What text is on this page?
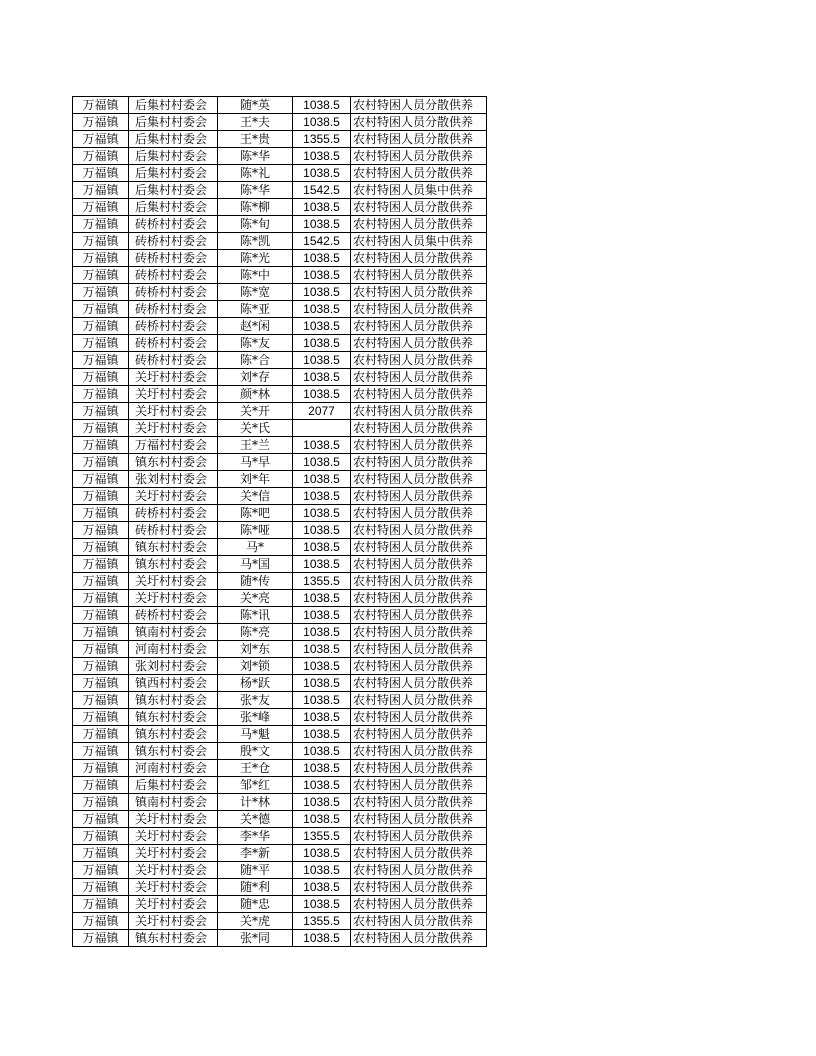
万福镇	后集村村委会	随*英	1038.5	农村特困人员分散供养
万福镇	后集村村委会	王*夫	1038.5	农村特困人员分散供养
万福镇	后集村村委会	王*贵	1355.5	农村特困人员分散供养
万福镇	后集村村委会	陈*华	1038.5	农村特困人员分散供养
万福镇	后集村村委会	陈*礼	1038.5	农村特困人员分散供养
万福镇	后集村村委会	陈*华	1542.5	农村特困人员集中供养
万福镇	后集村村委会	陈*柳	1038.5	农村特困人员分散供养
万福镇	砖桥村村委会	陈*旬	1038.5	农村特困人员分散供养
万福镇	砖桥村村委会	陈*凯	1542.5	农村特困人员集中供养
万福镇	砖桥村村委会	陈*光	1038.5	农村特困人员分散供养
万福镇	砖桥村村委会	陈*中	1038.5	农村特困人员分散供养
万福镇	砖桥村村委会	陈*宽	1038.5	农村特困人员分散供养
万福镇	砖桥村村委会	陈*亚	1038.5	农村特困人员分散供养
万福镇	砖桥村村委会	赵*闲	1038.5	农村特困人员分散供养
万福镇	砖桥村村委会	陈*友	1038.5	农村特困人员分散供养
万福镇	砖桥村村委会	陈*合	1038.5	农村特困人员分散供养
万福镇	关圩村村委会	刘*存	1038.5	农村特困人员分散供养
万福镇	关圩村村委会	颜*林	1038.5	农村特困人员分散供养
万福镇	关圩村村委会	关*开	2077	农村特困人员分散供养
万福镇	关圩村村委会	关*氏		农村特困人员分散供养
万福镇	万福村村委会	王*兰	1038.5	农村特困人员分散供养
万福镇	镇东村村委会	马*早	1038.5	农村特困人员分散供养
万福镇	张刘村村委会	刘*年	1038.5	农村特困人员分散供养
万福镇	关圩村村委会	关*信	1038.5	农村特困人员分散供养
万福镇	砖桥村村委会	陈*吧	1038.5	农村特困人员分散供养
万福镇	砖桥村村委会	陈*哑	1038.5	农村特困人员分散供养
万福镇	镇东村村委会	马*	1038.5	农村特困人员分散供养
万福镇	镇东村村委会	马*国	1038.5	农村特困人员分散供养
万福镇	关圩村村委会	随*传	1355.5	农村特困人员分散供养
万福镇	关圩村村委会	关*亮	1038.5	农村特困人员分散供养
万福镇	砖桥村村委会	陈*讯	1038.5	农村特困人员分散供养
万福镇	镇南村村委会	陈*亮	1038.5	农村特困人员分散供养
万福镇	河南村村委会	刘*东	1038.5	农村特困人员分散供养
万福镇	张刘村村委会	刘*锁	1038.5	农村特困人员分散供养
万福镇	镇西村村委会	杨*跃	1038.5	农村特困人员分散供养
万福镇	镇东村村委会	张*友	1038.5	农村特困人员分散供养
万福镇	镇东村村委会	张*峰	1038.5	农村特困人员分散供养
万福镇	镇东村村委会	马*魁	1038.5	农村特困人员分散供养
万福镇	镇东村村委会	殷*文	1038.5	农村特困人员分散供养
万福镇	河南村村委会	王*仓	1038.5	农村特困人员分散供养
万福镇	后集村村委会	邹*红	1038.5	农村特困人员分散供养
万福镇	镇南村村委会	计*林	1038.5	农村特困人员分散供养
万福镇	关圩村村委会	关*德	1038.5	农村特困人员分散供养
万福镇	关圩村村委会	李*华	1355.5	农村特困人员分散供养
万福镇	关圩村村委会	李*新	1038.5	农村特困人员分散供养
万福镇	关圩村村委会	随*平	1038.5	农村特困人员分散供养
万福镇	关圩村村委会	随*利	1038.5	农村特困人员分散供养
万福镇	关圩村村委会	随*忠	1038.5	农村特困人员分散供养
万福镇	关圩村村委会	关*虎	1355.5	农村特困人员分散供养
万福镇	镇东村村委会	张*同	1038.5	农村特困人员分散供养
